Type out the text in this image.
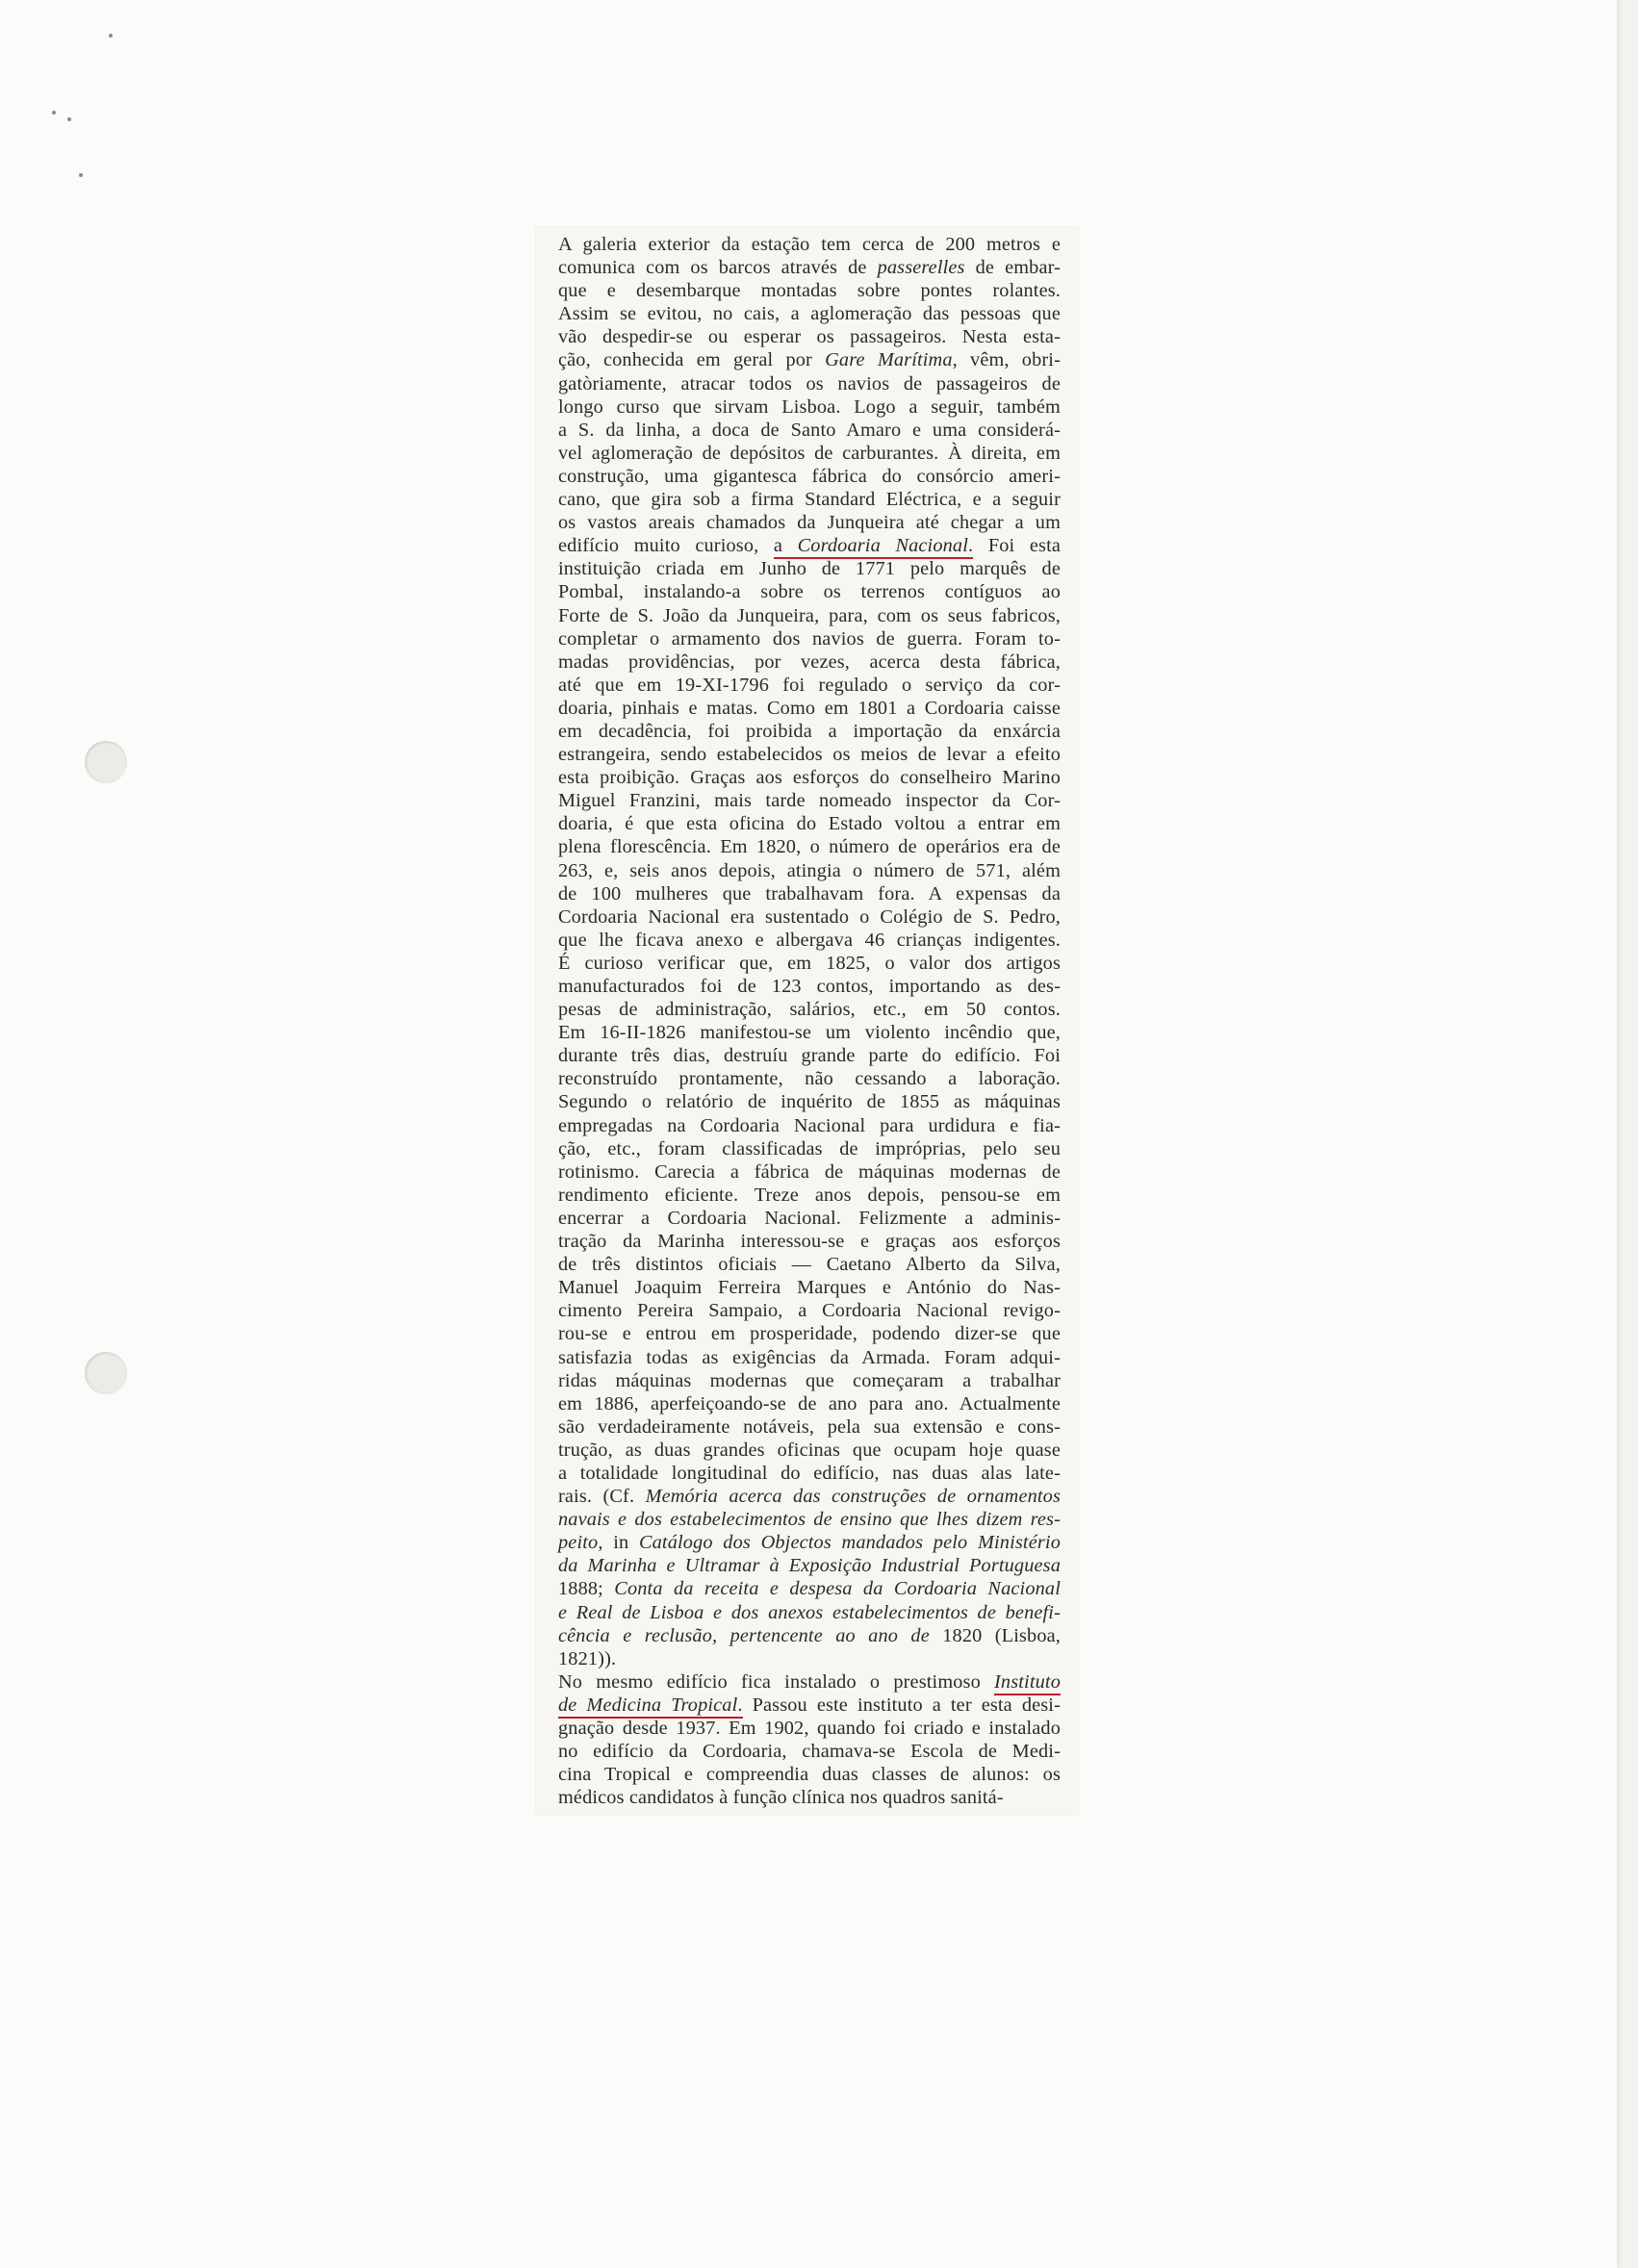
A galeria exterior da estação tem cerca de 200 metros e

comunica com os barcos através de passerelles de embar-

que e desembarque montadas sobre pontes rolantes.

Assim se evitou, no cais, a aglomeração das pessoas que

vão despedir-se ou esperar os passageiros. Nesta esta-

ção, conhecida em geral por Gare Marítima, vêm, obri-

gatòriamente, atracar todos os navios de passageiros de

longo curso que sirvam Lisboa. Logo a seguir, também

a S. da linha, a doca de Santo Amaro e uma considerá-

vel aglomeração de depósitos de carburantes. À direita, em

construção, uma gigantesca fábrica do consórcio ameri-

cano, que gira sob a firma Standard Eléctrica, e a seguir

os vastos areais chamados da Junqueira até chegar a um

edifício muito curioso, a Cordoaria Nacional. Foi esta

instituição criada em Junho de 1771 pelo marquês de

Pombal, instalando-a sobre os terrenos contíguos ao

Forte de S. João da Junqueira, para, com os seus fabricos,

completar o armamento dos navios de guerra. Foram to-

madas providências, por vezes, acerca desta fábrica,

até que em 19-XI-1796 foi regulado o serviço da cor-

doaria, pinhais e matas. Como em 1801 a Cordoaria caisse

em decadência, foi proibida a importação da enxárcia

estrangeira, sendo estabelecidos os meios de levar a efeito

esta proibição. Graças aos esforços do conselheiro Marino

Miguel Franzini, mais tarde nomeado inspector da Cor-

doaria, é que esta oficina do Estado voltou a entrar em

plena florescência. Em 1820, o número de operários era de

263, e, seis anos depois, atingia o número de 571, além

de 100 mulheres que trabalhavam fora. A expensas da

Cordoaria Nacional era sustentado o Colégio de S. Pedro,

que lhe ficava anexo e albergava 46 crianças indigentes.

É curioso verificar que, em 1825, o valor dos artigos

manufacturados foi de 123 contos, importando as des-

pesas de administração, salários, etc., em 50 contos.

Em 16-II-1826 manifestou-se um violento incêndio que,

durante três dias, destruíu grande parte do edifício. Foi

reconstruído prontamente, não cessando a laboração.

Segundo o relatório de inquérito de 1855 as máquinas

empregadas na Cordoaria Nacional para urdidura e fia-

ção, etc., foram classificadas de impróprias, pelo seu

rotinismo. Carecia a fábrica de máquinas modernas de

rendimento eficiente. Treze anos depois, pensou-se em

encerrar a Cordoaria Nacional. Felizmente a adminis-

tração da Marinha interessou-se e graças aos esforços

de três distintos oficiais — Caetano Alberto da Silva,

Manuel Joaquim Ferreira Marques e António do Nas-

cimento Pereira Sampaio, a Cordoaria Nacional revigo-

rou-se e entrou em prosperidade, podendo dizer-se que

satisfazia todas as exigências da Armada. Foram adqui-

ridas máquinas modernas que começaram a trabalhar

em 1886, aperfeiçoando-se de ano para ano. Actualmente

são verdadeiramente notáveis, pela sua extensão e cons-

trução, as duas grandes oficinas que ocupam hoje quase

a totalidade longitudinal do edifício, nas duas alas late-

rais. (Cf. Memória acerca das construções de ornamentos

navais e dos estabelecimentos de ensino que lhes dizem res-

peito, in Catálogo dos Objectos mandados pelo Ministério

da Marinha e Ultramar à Exposição Industrial Portuguesa

1888; Conta da receita e despesa da Cordoaria Nacional

e Real de Lisboa e dos anexos estabelecimentos de benefi-

cência e reclusão, pertencente ao ano de 1820 (Lisboa, 1821)).

No mesmo edifício fica instalado o prestimoso Instituto

de Medicina Tropical. Passou este instituto a ter esta desi-

gnação desde 1937. Em 1902, quando foi criado e instalado

no edifício da Cordoaria, chamava-se Escola de Medi-

cina Tropical e compreendia duas classes de alunos: os

médicos candidatos à função clínica nos quadros sanitá-
